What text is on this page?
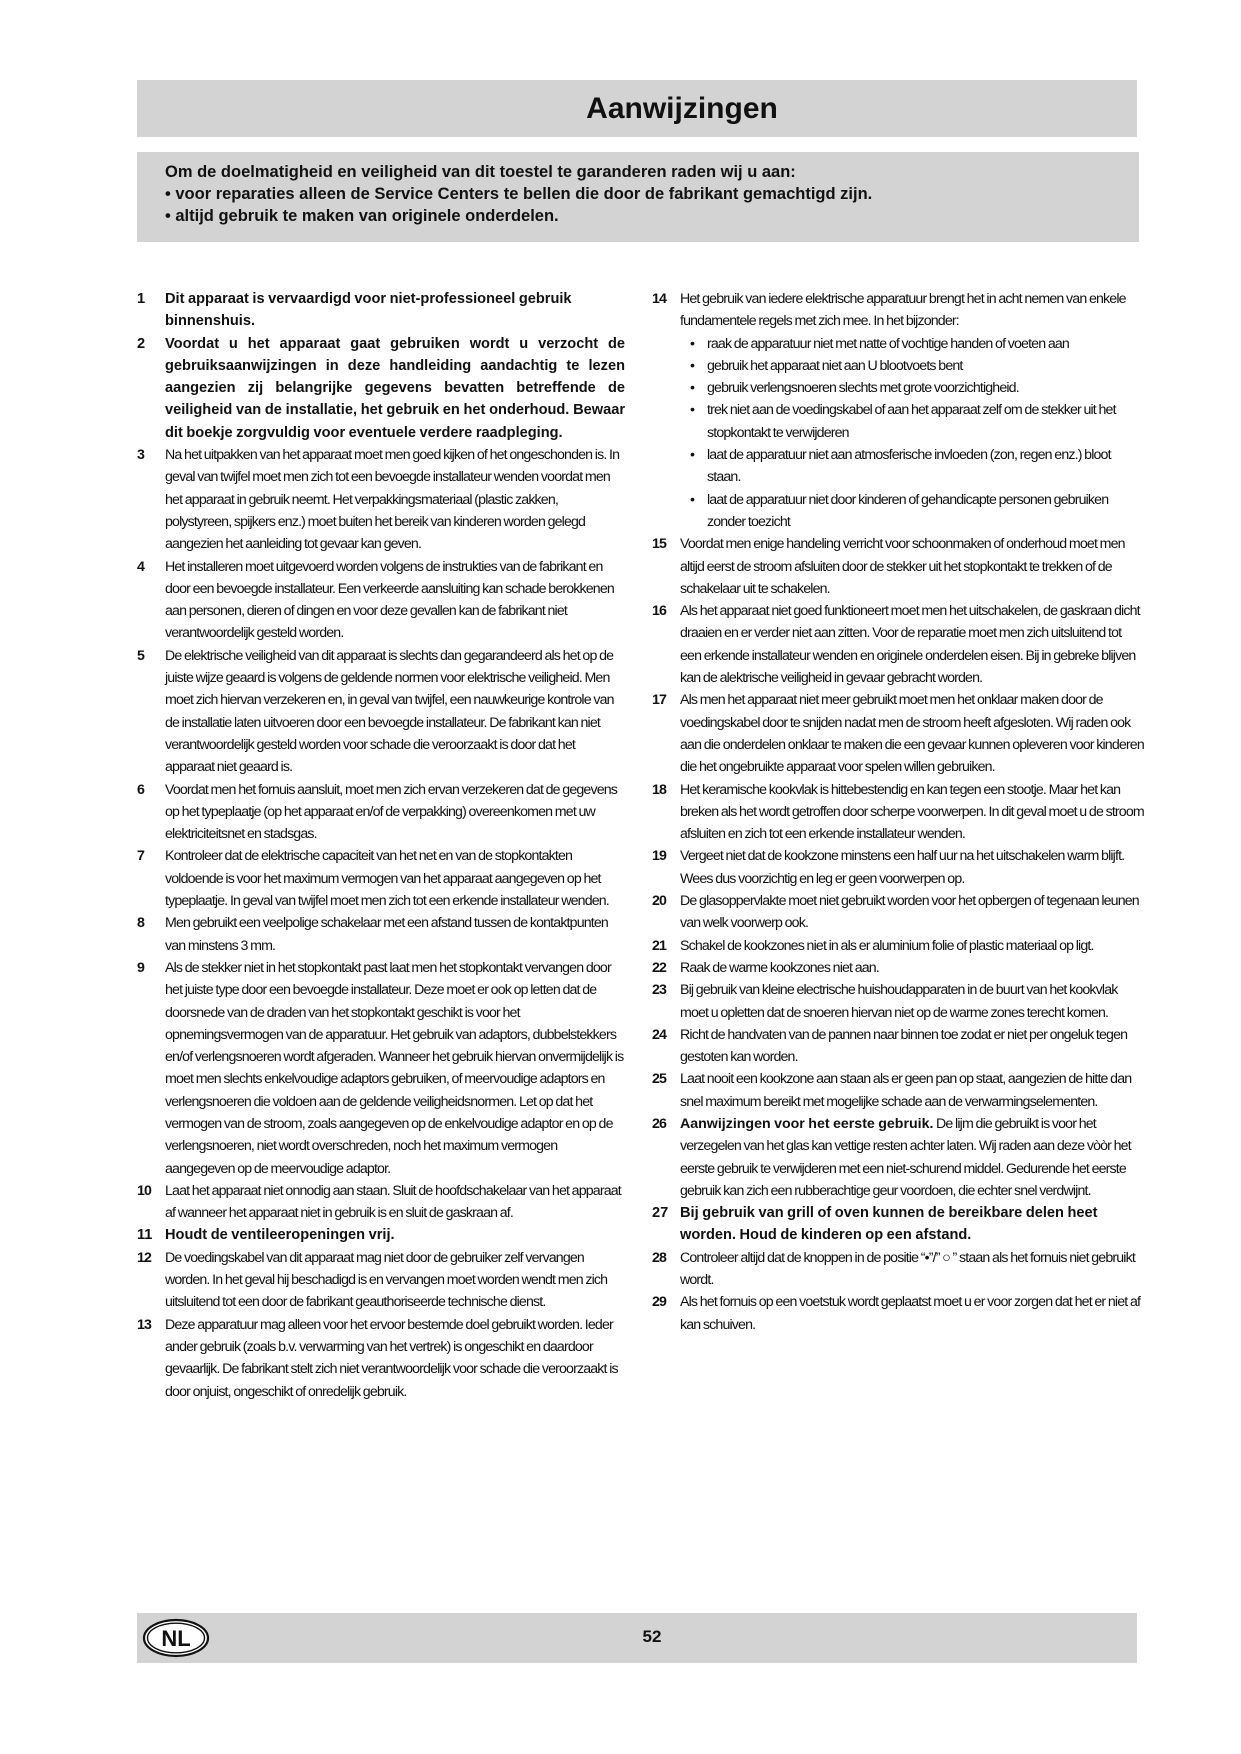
Aanwijzingen

Om de doelmatigheid en veiligheid van dit toestel te garanderen raden wij u aan:

• voor reparaties alleen de Service Centers te bellen die door de fabrikant gemachtigd zijn.

• altijd gebruik te maken van originele onderdelen.

1 Dit apparaat is vervaardigd voor niet-professioneel gebruik binnenshuis.

2 Voordat u het apparaat gaat gebruiken wordt u verzocht de gebruiksaanwijzingen in deze handleiding aandachtig te lezen aangezien zij belangrijke gegevens bevatten betreffende de veiligheid van de installatie, het gebruik en het onderhoud. Bewaar dit boekje zorgvuldig voor eventuele verdere raadpleging.

3 Na het uitpakken van het apparaat moet men goed kijken of het ongeschonden is. In geval van twijfel moet men zich tot een bevoegde installateur wenden voordat men het apparaat in gebruik neemt. Het verpakkingsmateriaal (plastic zakken, polystyreen, spijkers enz.) moet buiten het bereik van kinderen worden gelegd aangezien het aanleiding tot gevaar kan geven.

4 Het installeren moet uitgevoerd worden volgens de instrukties van de fabrikant en door een bevoegde installateur. Een verkeerde aansluiting kan schade berokkenen aan personen, dieren of dingen en voor deze gevallen kan de fabrikant niet verantwoordelijk gesteld worden.

5 De elektrische veiligheid van dit apparaat is slechts dan gegarandeerd als het op de juiste wijze geaard is volgens de geldende normen voor elektrische veiligheid. Men moet zich hiervan verzekeren en, in geval van twijfel, een nauwkeurige kontrole van de installatie laten uitvoeren door een bevoegde installateur. De fabrikant kan niet verantwoordelijk gesteld worden voor schade die veroorzaakt is door dat het apparaat niet geaard is.

6 Voordat men het fornuis aansluit, moet men zich ervan verzekeren dat de gegevens op het typeplaatje (op het apparaat en/of de verpakking) overeenkomen met uw elektriciteitsnet en stadsgas.

7 Kontroleer dat de elektrische capaciteit van het net en van de stopkontakten voldoende is voor het maximum vermogen van het apparaat aangegeven op het typeplaatje. In geval van twijfel moet men zich tot een erkende installateur wenden.

8 Men gebruikt een veelpolige schakelaar met een afstand tussen de kontaktpunten van minstens 3 mm.

9 Als de stekker niet in het stopkontakt past laat men het stopkontakt vervangen door het juiste type door een bevoegde installateur. Deze moet er ook op letten dat de doorsnede van de draden van het stopkontakt geschikt is voor het opnemingsvermogen van de apparatuur. Het gebruik van adaptors, dubbelstekkers en/of verlengsnoeren wordt afgeraden. Wanneer het gebruik hiervan onvermijdelijk is moet men slechts enkelvoudige adaptors gebruiken, of meervoudige adaptors en verlengsnoeren die voldoen aan de geldende veiligheidsnormen. Let op dat het vermogen van de stroom, zoals aangegeven op de enkelvoudige adaptor en op de verlengsnoeren, niet wordt overschreden, noch het maximum vermogen aangegeven op de meervoudige adaptor.

10 Laat het apparaat niet onnodig aan staan. Sluit de hoofdschakelaar van het apparaat af wanneer het apparaat niet in gebruik is en sluit de gaskraan af.

11 Houdt de ventileeropeningen vrij.

12 De voedingskabel van dit apparaat mag niet door de gebruiker zelf vervangen worden. In het geval hij beschadigd is en vervangen moet worden wendt men zich uitsluitend tot een door de fabrikant geauthoriseerde technische dienst.

13 Deze apparatuur mag alleen voor het ervoor bestemde doel gebruikt worden. Ieder ander gebruik (zoals b.v. verwarming van het vertrek) is ongeschikt en daardoor gevaarlijk. De fabrikant stelt zich niet verantwoordelijk voor schade die veroorzaakt is door onjuist, ongeschikt of onredelijk gebruik.

14 Het gebruik van iedere elektrische apparatuur brengt het in acht nemen van enkele fundamentele regels met zich mee. In het bijzonder:
• raak de apparatuur niet met natte of vochtige handen of voeten aan
• gebruik het apparaat niet aan U blootvoets bent
• gebruik verlengsnoeren slechts met grote voorzichtigheid.
• trek niet aan de voedingskabel of aan het apparaat zelf om de stekker uit het stopkontakt te verwijderen
• laat de apparatuur niet aan atmosferische invloeden (zon, regen enz.) bloot staan.
• laat de apparatuur niet door kinderen of gehandicapte personen gebruiken zonder toezicht

15 Voordat men enige handeling verricht voor schoonmaken of onderhoud moet men altijd eerst de stroom afsluiten door de stekker uit het stopkontakt te trekken of de schakelaar uit te schakelen.

16 Als het apparaat niet goed funktioneert moet men het uitschakelen, de gaskraan dicht draaien en er verder niet aan zitten. Voor de reparatie moet men zich uitsluitend tot een erkende installateur wenden en originele onderdelen eisen. Bij in gebreke blijven kan de alektrische veiligheid in gevaar gebracht worden.

17 Als men het apparaat niet meer gebruikt moet men het onklaar maken door de voedingskabel door te snijden nadat men de stroom heeft afgesloten. Wij raden ook aan die onderdelen onklaar te maken die een gevaar kunnen opleveren voor kinderen die het ongebruikte apparaat voor spelen willen gebruiken.

18 Het keramische kookvlak is hittebestendig en kan tegen een stootje. Maar het kan breken als het wordt getroffen door scherpe voorwerpen. In dit geval moet u de stroom afsluiten en zich tot een erkende installateur wenden.

19 Vergeet niet dat de kookzone minstens een half uur na het uitschakelen warm blijft. Wees dus voorzichtig en leg er geen voorwerpen op.

20 De glasoppervlakte moet niet gebruikt worden voor het opbergen of tegenaan leunen van welk voorwerp ook.

21 Schakel de kookzones niet in als er aluminium folie of plastic materiaal op ligt.

22 Raak de warme kookzones niet aan.

23 Bij gebruik van kleine electrische huishoudapparaten in de buurt van het kookvlak moet u opletten dat de snoeren hiervan niet op de warme zones terecht komen.

24 Richt de handvaten van de pannen naar binnen toe zodat er niet per ongeluk tegen gestoten kan worden.

25 Laat nooit een kookzone aan staan als er geen pan op staat, aangezien de hitte dan snel maximum bereikt met mogelijke schade aan de verwarmingselementen.

26 Aanwijzingen voor het eerste gebruik. De lijm die gebruikt is voor het verzegelen van het glas kan vettige resten achter laten. Wij raden aan deze vòòr het eerste gebruik te verwijderen met een niet-schurend middel. Gedurende het eerste gebruik kan zich een rubberachtige geur voordoen, die echter snel verdwijnt.

27 Bij gebruik van grill of oven kunnen de bereikbare delen heet worden. Houd de kinderen op een afstand.

28 Controleer altijd dat de knoppen in de positie “•”/” ○ ” staan als het fornuis niet gebruikt wordt.

29 Als het fornuis op een voetstuk wordt geplaatst moet u er voor zorgen dat het er niet af kan schuiven.

52
NL
